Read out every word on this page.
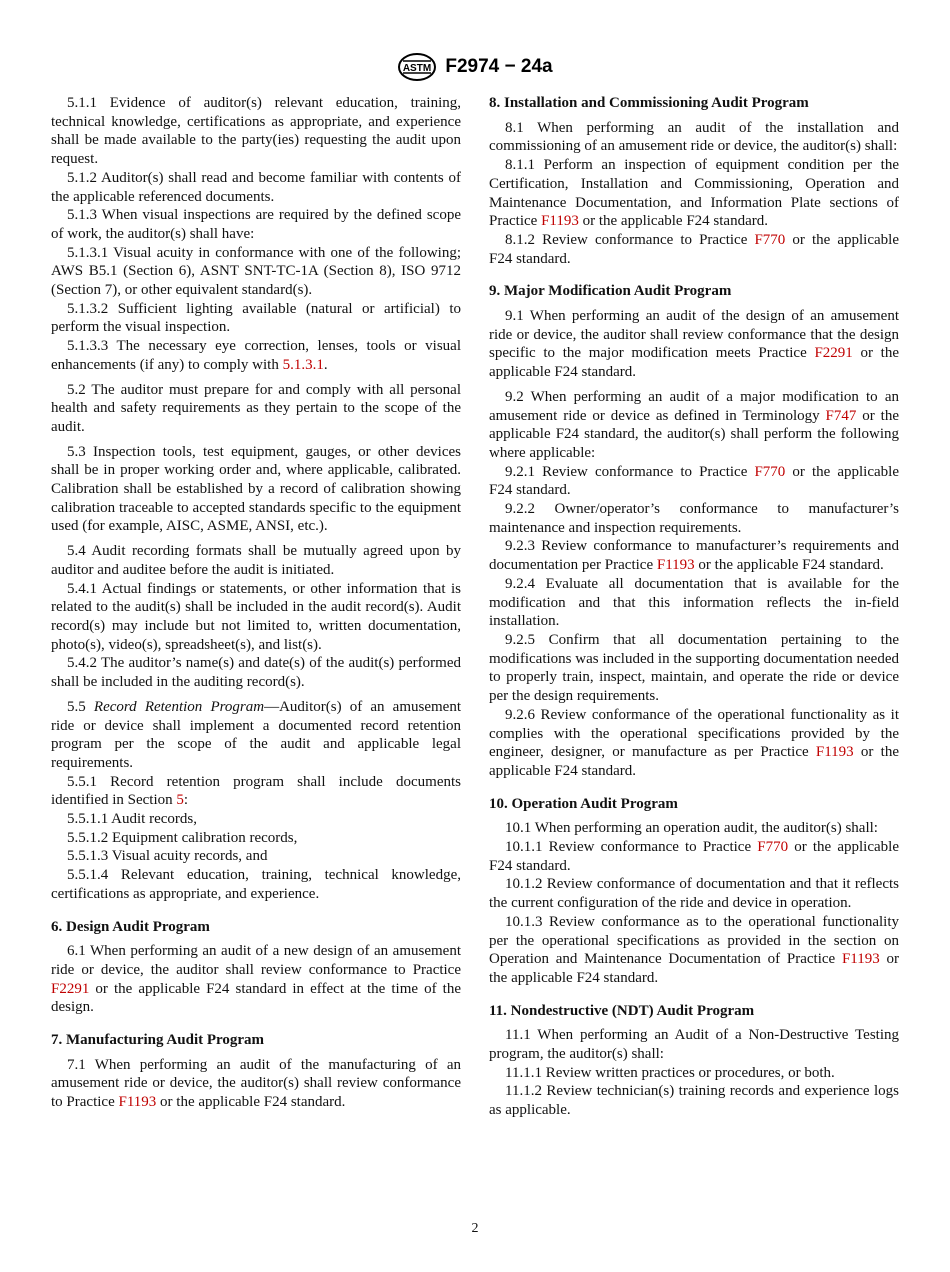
ASTM F2974 − 24a

5.1.1 Evidence of auditor(s) relevant education, training, technical knowledge, certifications as appropriate, and experience shall be made available to the party(ies) requesting the audit upon request.

5.1.2 Auditor(s) shall read and become familiar with contents of the applicable referenced documents.

5.1.3 When visual inspections are required by the defined scope of work, the auditor(s) shall have:

5.1.3.1 Visual acuity in conformance with one of the following; AWS B5.1 (Section 6), ASNT SNT-TC-1A (Section 8), ISO 9712 (Section 7), or other equivalent standard(s).

5.1.3.2 Sufficient lighting available (natural or artificial) to perform the visual inspection.

5.1.3.3 The necessary eye correction, lenses, tools or visual enhancements (if any) to comply with 5.1.3.1.

5.2 The auditor must prepare for and comply with all personal health and safety requirements as they pertain to the scope of the audit.

5.3 Inspection tools, test equipment, gauges, or other devices shall be in proper working order and, where applicable, calibrated. Calibration shall be established by a record of calibration showing calibration traceable to accepted standards specific to the equipment used (for example, AISC, ASME, ANSI, etc.).

5.4 Audit recording formats shall be mutually agreed upon by auditor and auditee before the audit is initiated.

5.4.1 Actual findings or statements, or other information that is related to the audit(s) shall be included in the audit record(s). Audit record(s) may include but not limited to, written documentation, photo(s), video(s), spreadsheet(s), and list(s).

5.4.2 The auditor’s name(s) and date(s) of the audit(s) performed shall be included in the auditing record(s).

5.5 Record Retention Program—Auditor(s) of an amusement ride or device shall implement a documented record retention program per the scope of the audit and applicable legal requirements.

5.5.1 Record retention program shall include documents identified in Section 5:

5.5.1.1 Audit records,

5.5.1.2 Equipment calibration records,

5.5.1.3 Visual acuity records, and

5.5.1.4 Relevant education, training, technical knowledge, certifications as appropriate, and experience.

6. Design Audit Program

6.1 When performing an audit of a new design of an amusement ride or device, the auditor shall review conformance to Practice F2291 or the applicable F24 standard in effect at the time of the design.

7. Manufacturing Audit Program

7.1 When performing an audit of the manufacturing of an amusement ride or device, the auditor(s) shall review conformance to Practice F1193 or the applicable F24 standard.

8. Installation and Commissioning Audit Program

8.1 When performing an audit of the installation and commissioning of an amusement ride or device, the auditor(s) shall:

8.1.1 Perform an inspection of equipment condition per the Certification, Installation and Commissioning, Operation and Maintenance Documentation, and Information Plate sections of Practice F1193 or the applicable F24 standard.

8.1.2 Review conformance to Practice F770 or the applicable F24 standard.

9. Major Modification Audit Program

9.1 When performing an audit of the design of an amusement ride or device, the auditor shall review conformance that the design specific to the major modification meets Practice F2291 or the applicable F24 standard.

9.2 When performing an audit of a major modification to an amusement ride or device as defined in Terminology F747 or the applicable F24 standard, the auditor(s) shall perform the following where applicable:

9.2.1 Review conformance to Practice F770 or the applicable F24 standard.

9.2.2 Owner/operator’s conformance to manufacturer’s maintenance and inspection requirements.

9.2.3 Review conformance to manufacturer’s requirements and documentation per Practice F1193 or the applicable F24 standard.

9.2.4 Evaluate all documentation that is available for the modification and that this information reflects the in-field installation.

9.2.5 Confirm that all documentation pertaining to the modifications was included in the supporting documentation needed to properly train, inspect, maintain, and operate the ride or device per the design requirements.

9.2.6 Review conformance of the operational functionality as it complies with the operational specifications provided by the engineer, designer, or manufacture as per Practice F1193 or the applicable F24 standard.

10. Operation Audit Program

10.1 When performing an operation audit, the auditor(s) shall:

10.1.1 Review conformance to Practice F770 or the applicable F24 standard.

10.1.2 Review conformance of documentation and that it reflects the current configuration of the ride and device in operation.

10.1.3 Review conformance as to the operational functionality per the operational specifications as provided in the section on Operation and Maintenance Documentation of Practice F1193 or the applicable F24 standard.

11. Nondestructive (NDT) Audit Program

11.1 When performing an Audit of a Non-Destructive Testing program, the auditor(s) shall:

11.1.1 Review written practices or procedures, or both.

11.1.2 Review technician(s) training records and experience logs as applicable.

2
